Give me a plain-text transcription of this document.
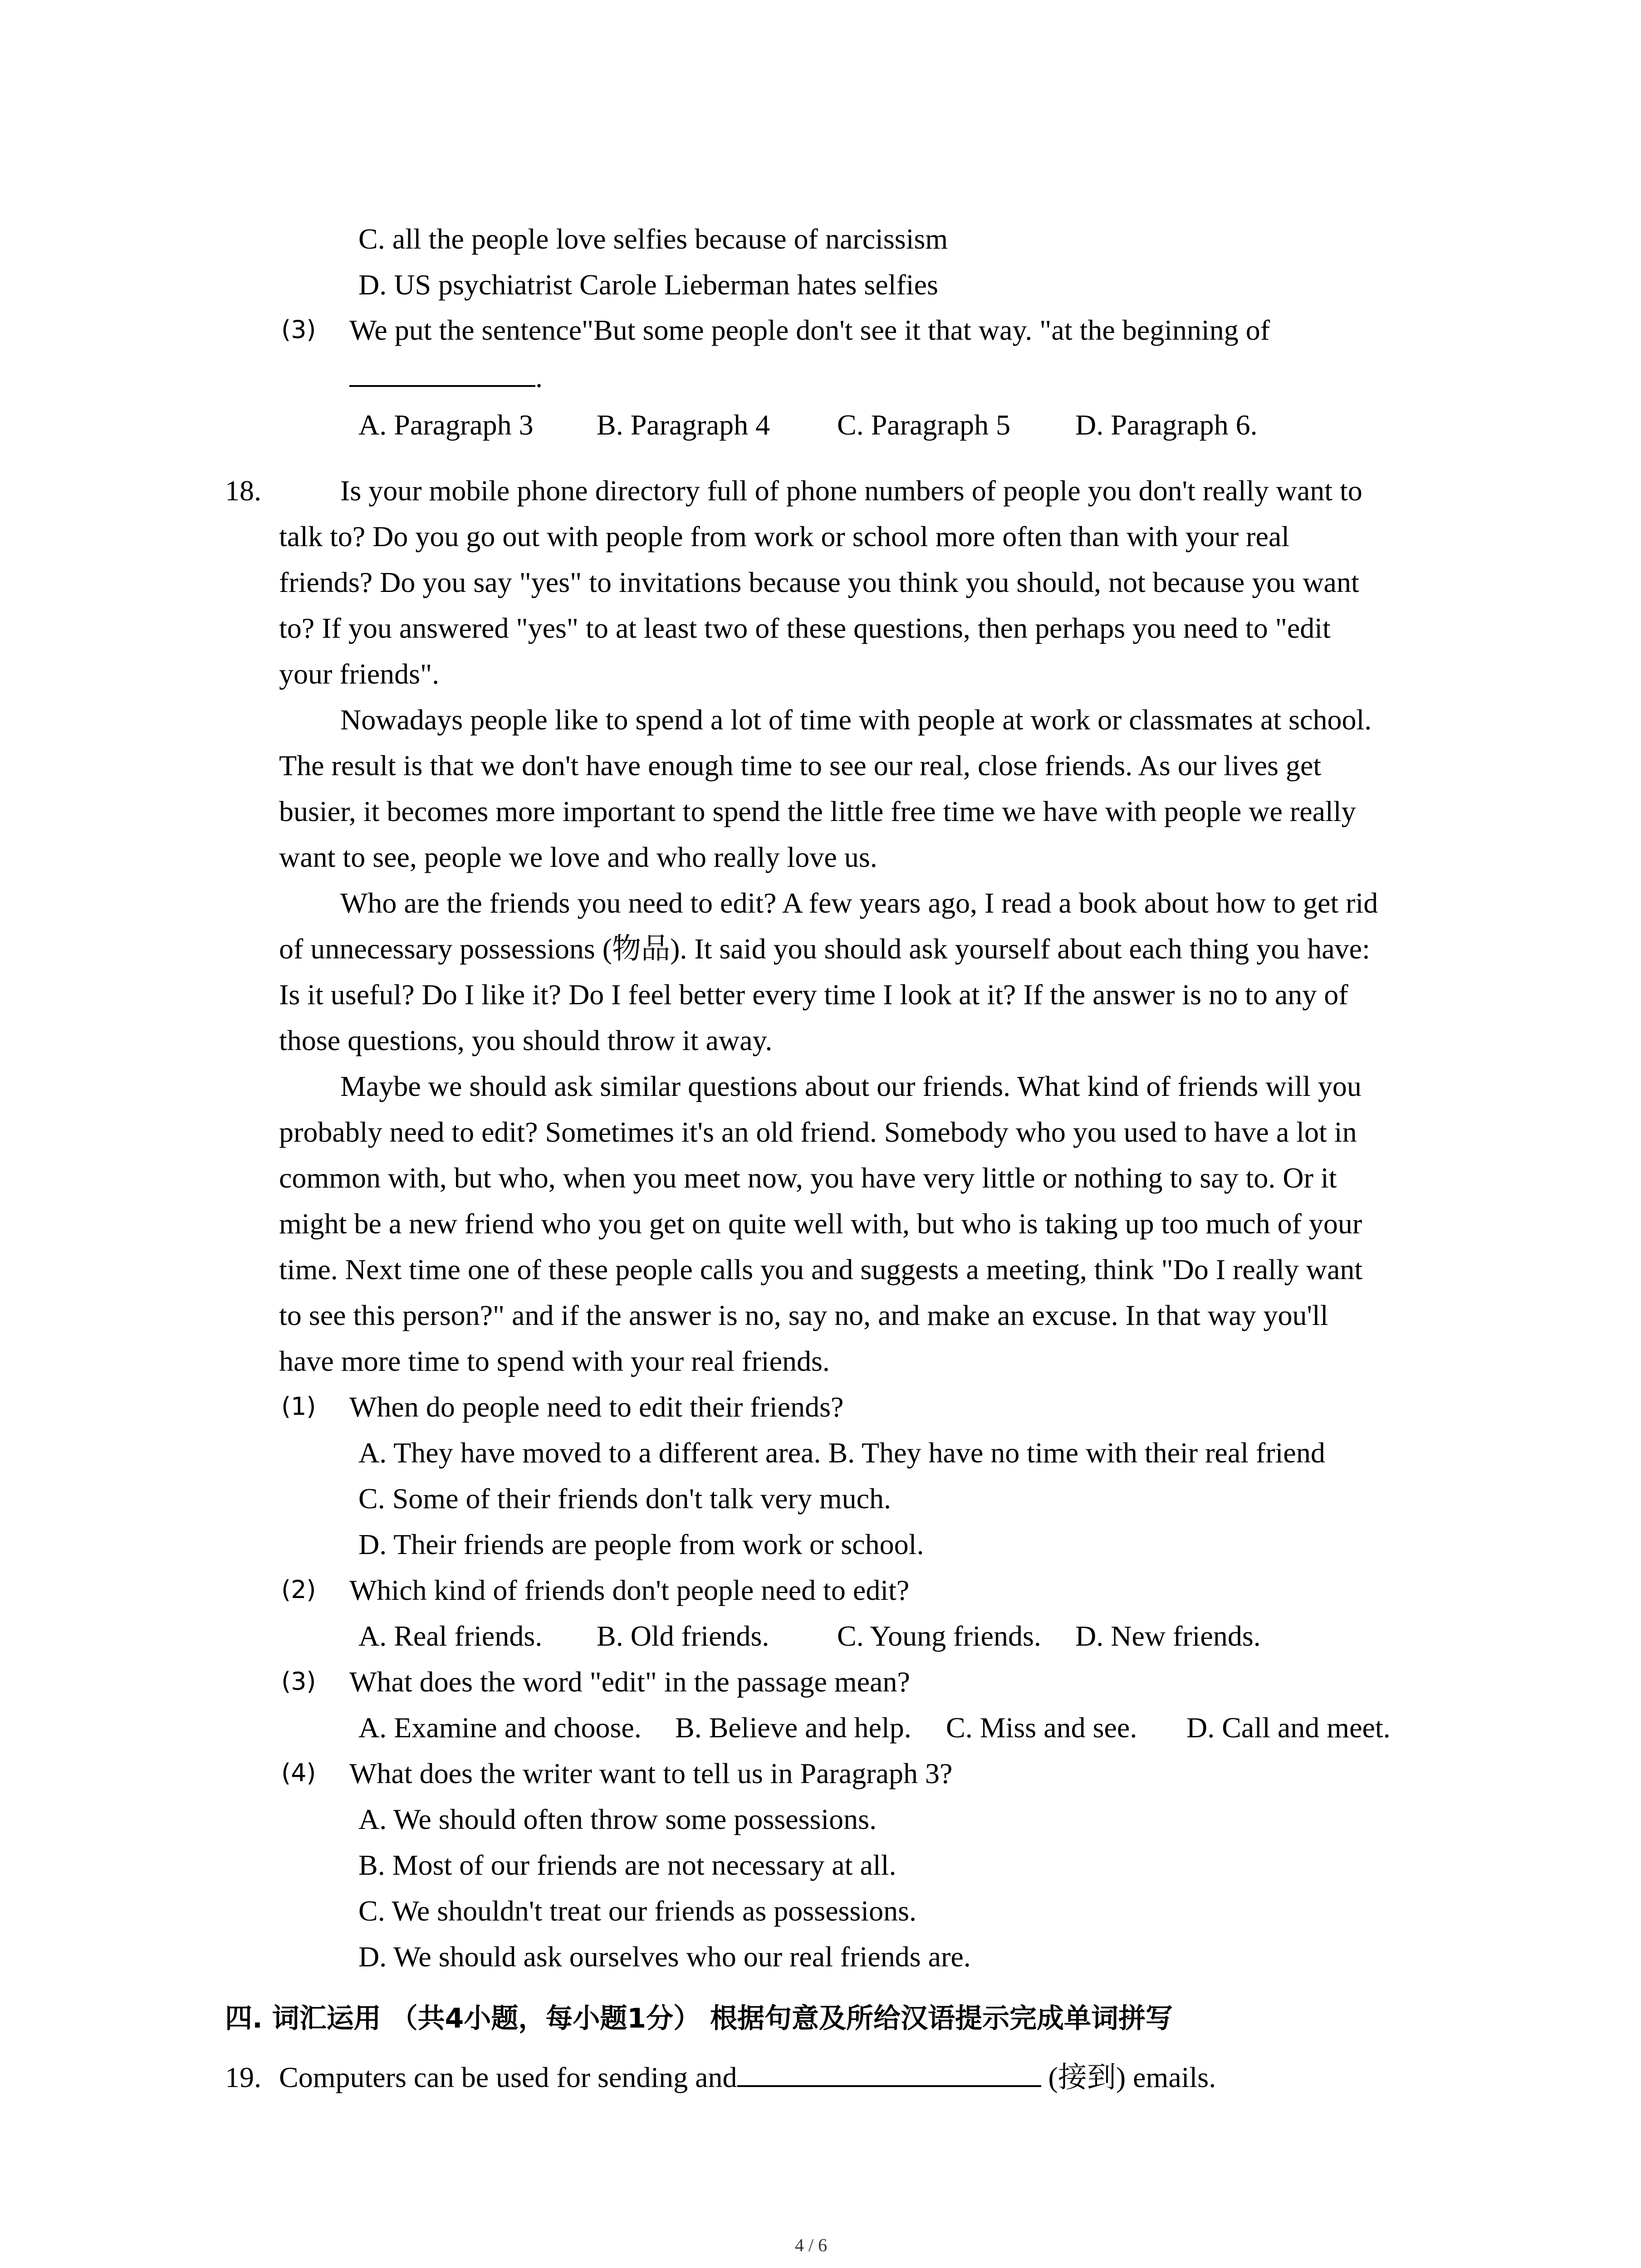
C. all the people love selfies because of narcissism
D. US psychiatrist Carole Lieberman hates selfies
(3) We put the sentence"But some people don't see it that way. "at the beginning of
.
A. Paragraph 3 B. Paragraph 4 C. Paragraph 5 D. Paragraph 6.
18.	Is your mobile phone directory full of phone numbers of people you don't really want to
talk to? Do you go out with people from work or school more often than with your real
friends? Do you say "yes" to invitations because you think you should, not because you want
to? If you answered "yes" to at least two of these questions, then perhaps you need to "edit
your friends".
Nowadays people like to spend a lot of time with people at work or classmates at school.
The result is that we don't have enough time to see our real, close friends. As our lives get
busier, it becomes more important to spend the little free time we have with people we really
want to see, people we love and who really love us.
Who are the friends you need to edit? A few years ago, I read a book about how to get rid
of unnecessary possessions (物品). It said you should ask yourself about each thing you have:
Is it useful? Do I like it? Do I feel better every time I look at it? If the answer is no to any of
those questions, you should throw it away.
Maybe we should ask similar questions about our friends. What kind of friends will you
probably need to edit? Sometimes it's an old friend. Somebody who you used to have a lot in
common with, but who, when you meet now, you have very little or nothing to say to. Or it
might be a new friend who you get on quite well with, but who is taking up too much of your
time. Next time one of these people calls you and suggests a meeting, think "Do I really want
to see this person?" and if the answer is no, say no, and make an excuse. In that way you'll
have more time to spend with your real friends.
(1) When do people need to edit their friends?
A. They have moved to a different area. B. They have no time with their real friend
C. Some of their friends don't talk very much.
D. Their friends are people from work or school.
(2) Which kind of friends don't people need to edit?
A. Real friends. B. Old friends. C. Young friends. D. New friends.
(3) What does the word "edit" in the passage mean?
A. Examine and choose. B. Believe and help. C. Miss and see. D. Call and meet.
(4) What does the writer want to tell us in Paragraph 3?
A. We should often throw some possessions.
B. Most of our friends are not necessary at all.
C. We shouldn't treat our friends as possessions.
D. We should ask ourselves who our real friends are.
四. 词汇运用 （共4小题，每小题1分） 根据句意及所给汉语提示完成单词拼写
19. Computers can be used for sending and	(接到) emails.
4 / 6
